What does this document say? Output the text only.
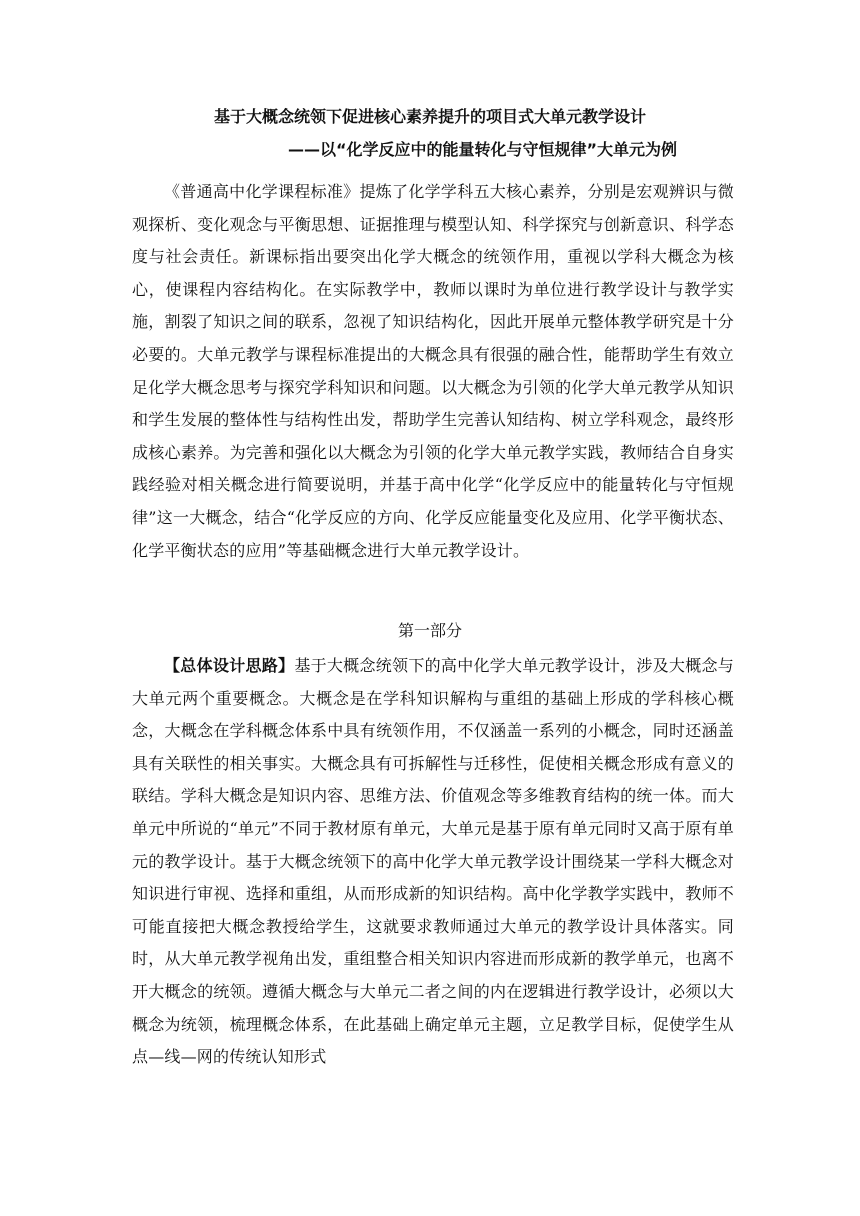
基于大概念统领下促进核心素养提升的项目式大单元教学设计
——以“化学反应中的能量转化与守恒规律”大单元为例
《普通高中化学课程标准》提炼了化学学科五大核心素养，分别是宏观辨识与微观探析、变化观念与平衡思想、证据推理与模型认知、科学探究与创新意识、科学态度与社会责任。新课标指出要突出化学大概念的统领作用，重视以学科大概念为核心，使课程内容结构化。在实际教学中，教师以课时为单位进行教学设计与教学实施，割裂了知识之间的联系，忽视了知识结构化，因此开展单元整体教学研究是十分必要的。大单元教学与课程标准提出的大概念具有很强的融合性，能帮助学生有效立足化学大概念思考与探究学科知识和问题。以大概念为引领的化学大单元教学从知识和学生发展的整体性与结构性出发，帮助学生完善认知结构、树立学科观念，最终形成核心素养。为完善和强化以大概念为引领的化学大单元教学实践，教师结合自身实践经验对相关概念进行简要说明，并基于高中化学“化学反应中的能量转化与守恒规律”这一大概念，结合“化学反应的方向、化学反应能量变化及应用、化学平衡状态、化学平衡状态的应用”等基础概念进行大单元教学设计。
第一部分
【总体设计思路】基于大概念统领下的高中化学大单元教学设计，涉及大概念与大单元两个重要概念。大概念是在学科知识解构与重组的基础上形成的学科核心概念，大概念在学科概念体系中具有统领作用，不仅涵盖一系列的小概念，同时还涵盖具有关联性的相关事实。大概念具有可拆解性与迁移性，促使相关概念形成有意义的联结。学科大概念是知识内容、思维方法、价值观念等多维教育结构的统一体。而大单元中所说的“单元”不同于教材原有单元，大单元是基于原有单元同时又高于原有单元的教学设计。基于大概念统领下的高中化学大单元教学设计围绕某一学科大概念对知识进行审视、选择和重组，从而形成新的知识结构。高中化学教学实践中，教师不可能直接把大概念教授给学生，这就要求教师通过大单元的教学设计具体落实。同时，从大单元教学视角出发，重组整合相关知识内容进而形成新的教学单元，也离不开大概念的统领。遵循大概念与大单元二者之间的内在逻辑进行教学设计，必须以大概念为统领，梳理概念体系，在此基础上确定单元主题，立足教学目标，促使学生从点—线—网的传统认知形式
